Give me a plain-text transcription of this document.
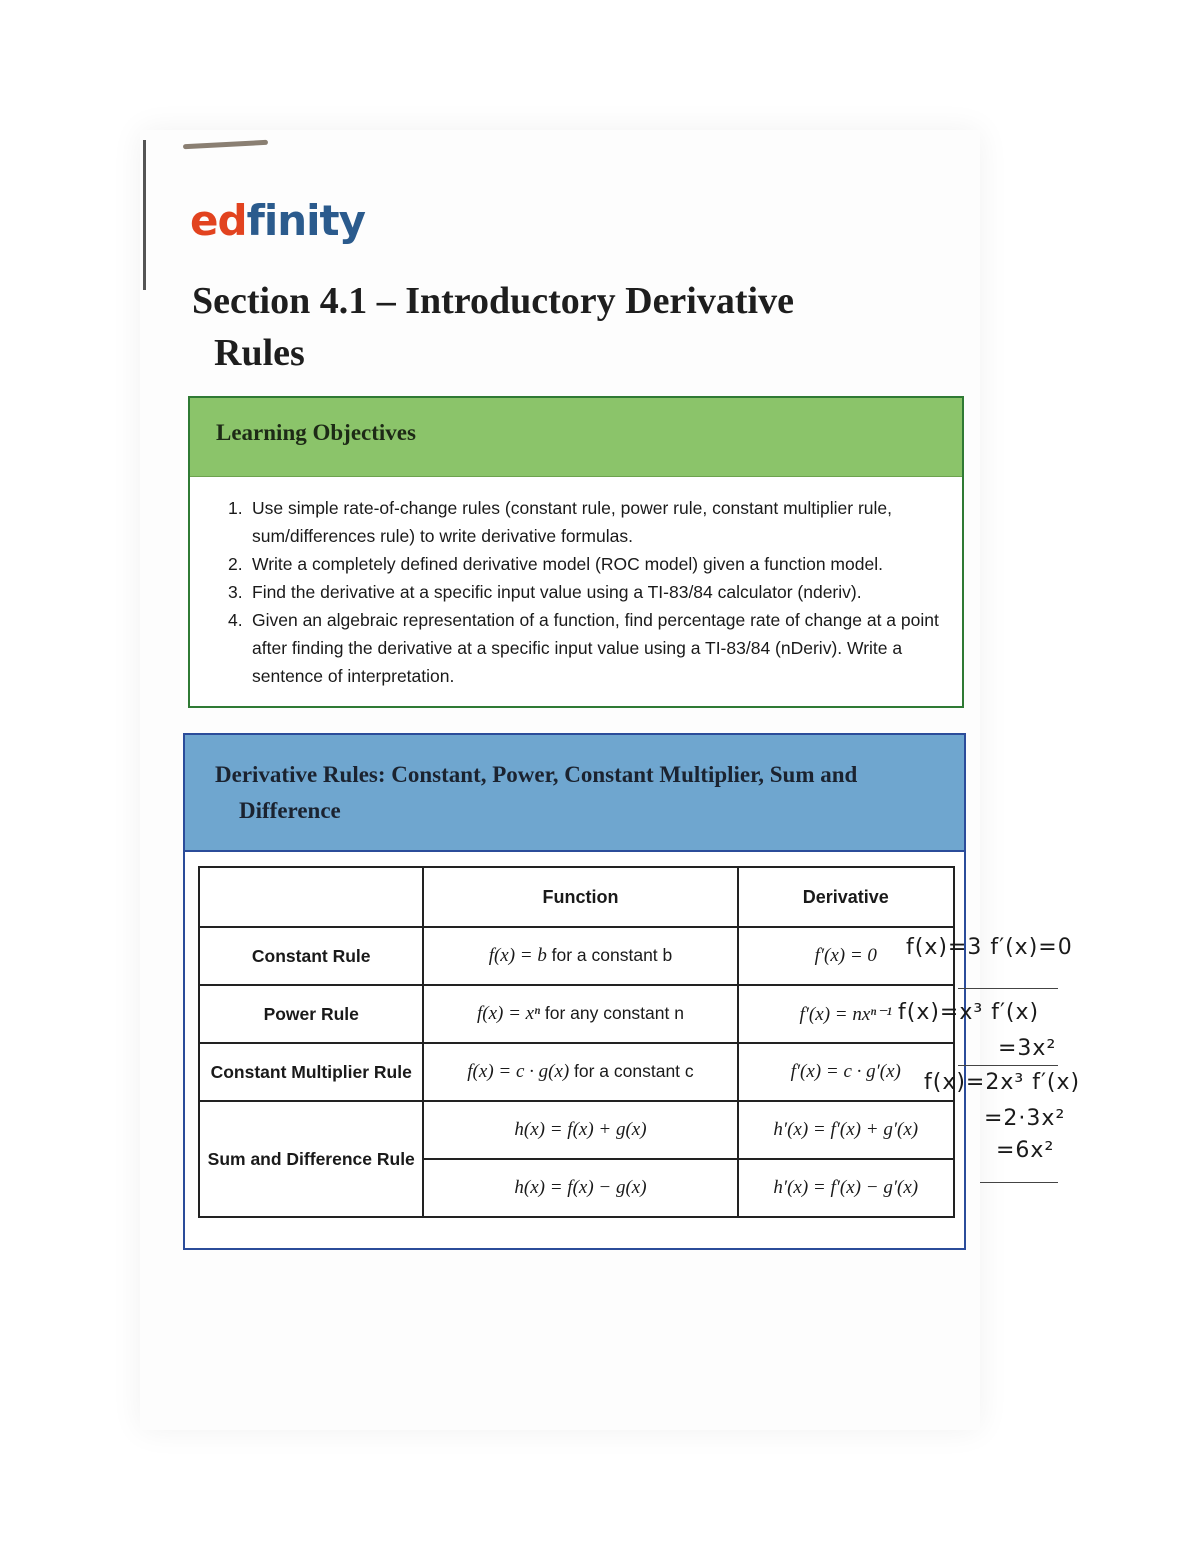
edfinity
Section 4.1 – Introductory Derivative
Rules
Learning Objectives
1. Use simple rate-of-change rules (constant rule, power rule, constant multiplier rule, sum/differences rule) to write derivative formulas.
2. Write a completely defined derivative model (ROC model) given a function model.
3. Find the derivative at a specific input value using a TI-83/84 calculator (nderiv).
4. Given an algebraic representation of a function, find percentage rate of change at a point after finding the derivative at a specific input value using a TI-83/84 (nDeriv). Write a sentence of interpretation.
Derivative Rules: Constant, Power, Constant Multiplier, Sum and
Difference
	Function	Derivative
Constant Rule	f(x) = b for a constant b	f′(x) = 0
Power Rule	f(x) = xⁿ for any constant n	f′(x) = nxⁿ⁻¹
Constant Multiplier Rule	f(x) = c · g(x) for a constant c	f′(x) = c · g′(x)
Sum and Difference Rule	h(x) = f(x) + g(x)	h′(x) = f′(x) + g′(x)
	h(x) = f(x) − g(x)	h′(x) = f′(x) − g′(x)
f(x)=3 f′(x)=0
f(x)=x³ f′(x)
=3x²
f(x)=2x³ f′(x)
=2·3x²
=6x²
